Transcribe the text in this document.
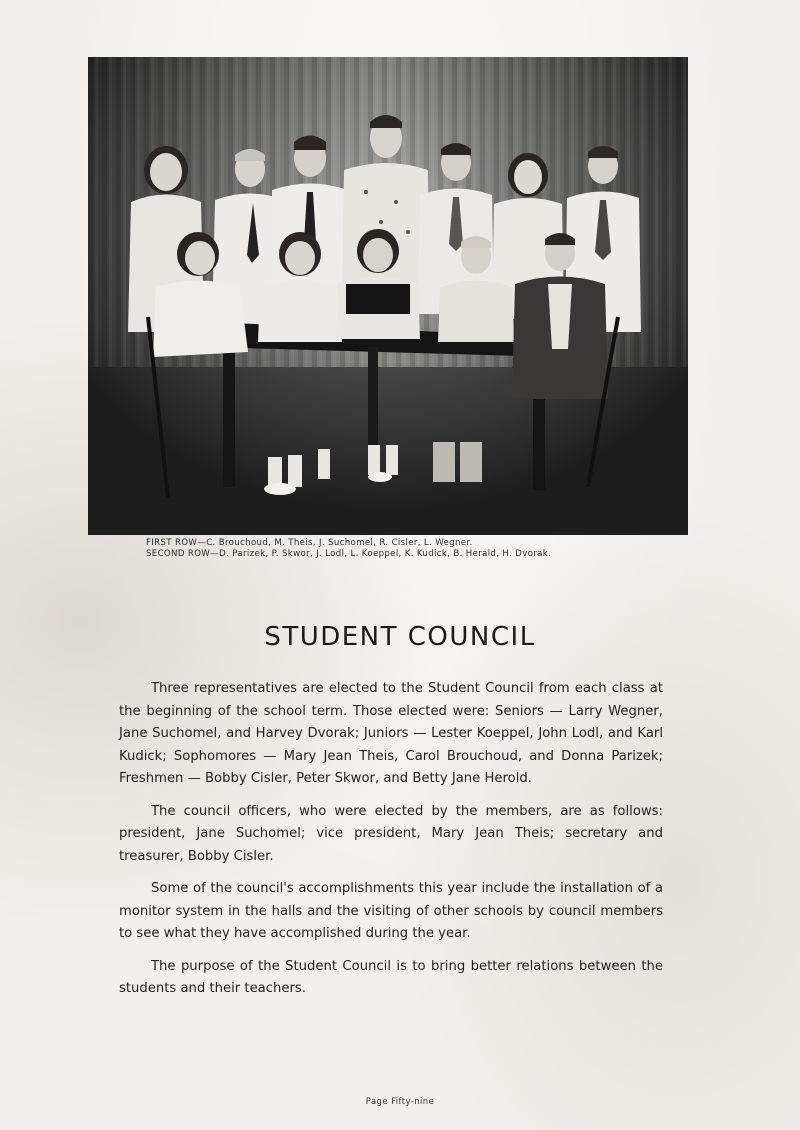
FIRST ROW—C. Brouchoud, M. Theis, J. Suchomel, R. Cisler, L. Wegner.
SECOND ROW—D. Parizek, P. Skwor, J. Lodl, L. Koeppel, K. Kudick, B. Herald, H. Dvorak.
STUDENT COUNCIL

Three representatives are elected to the Student Council from each class at the beginning of the school term. Those elected were: Seniors — Larry Wegner, Jane Suchomel, and Harvey Dvorak; Juniors — Lester Koeppel, John Lodl, and Karl Kudick; Sophomores — Mary Jean Theis, Carol Brouchoud, and Donna Parizek; Freshmen — Bobby Cisler, Peter Skwor, and Betty Jane Herold.

The council officers, who were elected by the members, are as follows: president, Jane Suchomel; vice president, Mary Jean Theis; secretary and treasurer, Bobby Cisler.

Some of the council's accomplishments this year include the installation of a monitor system in the halls and the visiting of other schools by council members to see what they have accomplished during the year.

The purpose of the Student Council is to bring better relations between the students and their teachers.

Page Fifty-nine
